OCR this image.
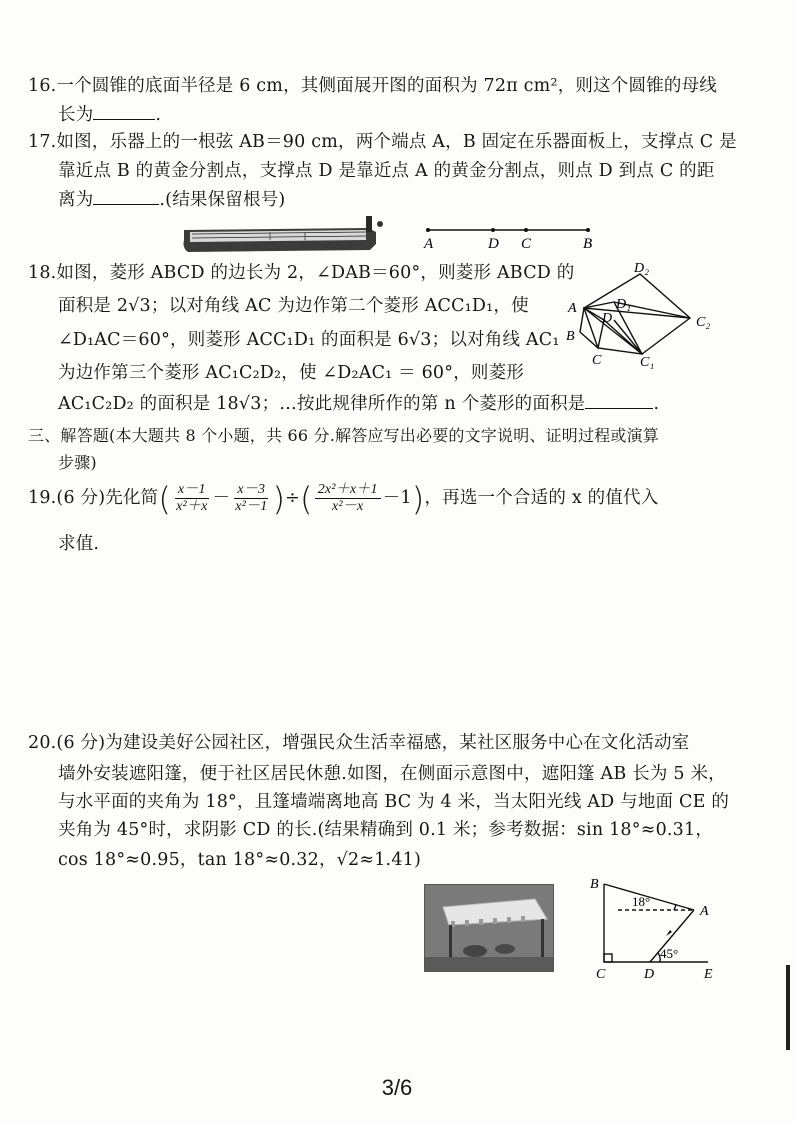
16.一个圆锥的底面半径是 6 cm，其侧面展开图的面积为 72π cm²，则这个圆锥的母线
长为	.
17.如图，乐器上的一根弦 AB＝90 cm，两个端点 A，B 固定在乐器面板上，支撑点 C 是
靠近点 B 的黄金分割点，支撑点 D 是靠近点 A 的黄金分割点，则点 D 到点 C 的距
离为	.(结果保留根号)
A	D C	B
18.如图，菱形 ABCD 的边长为 2，∠DAB＝60°，则菱形 ABCD 的
面积是 2√3；以对角线 AC 为边作第二个菱形 ACC₁D₁，使
∠D₁AC＝60°，则菱形 ACC₁D₁ 的面积是 6√3；以对角线 AC₁
为边作第三个菱形 AC₁C₂D₂，使 ∠D₂AC₁ ＝ 60°，则菱形
AC₁C₂D₂ 的面积是 18√3；…按此规律所作的第 n 个菱形的面积是	.
D₂
A	D₁
D	C₂
B
C	C₁
三、解答题(本大题共 8 个小题，共 66 分.解答应写出必要的文字说明、证明过程或演算
步骤)
19.(6 分)先化简 ( $\frac{x-1}{\text{x²＋x}} - \frac{x-3}{\text{x²－1}}$ ) ÷ ( $\frac{\text{2x²＋x＋1}}{\text{x²－x}} -1$ ) ，再选一个合适的 x 的值代入
求值.
20.(6 分)为建设美好公园社区，增强民众生活幸福感，某社区服务中心在文化活动室
墙外安装遮阳篷，便于社区居民休憩.如图，在侧面示意图中，遮阳篷 AB 长为 5 米，
与水平面的夹角为 18°，且篷墙端离地高 BC 为 4 米，当太阳光线 AD 与地面 CE 的
夹角为 45°时，求阴影 CD 的长.(结果精确到 0.1 米；参考数据：sin 18°≈0.31，
cos 18°≈0.95，tan 18°≈0.32，√2≈1.41)
B
18°
A
45°
C	D	E
3/6
